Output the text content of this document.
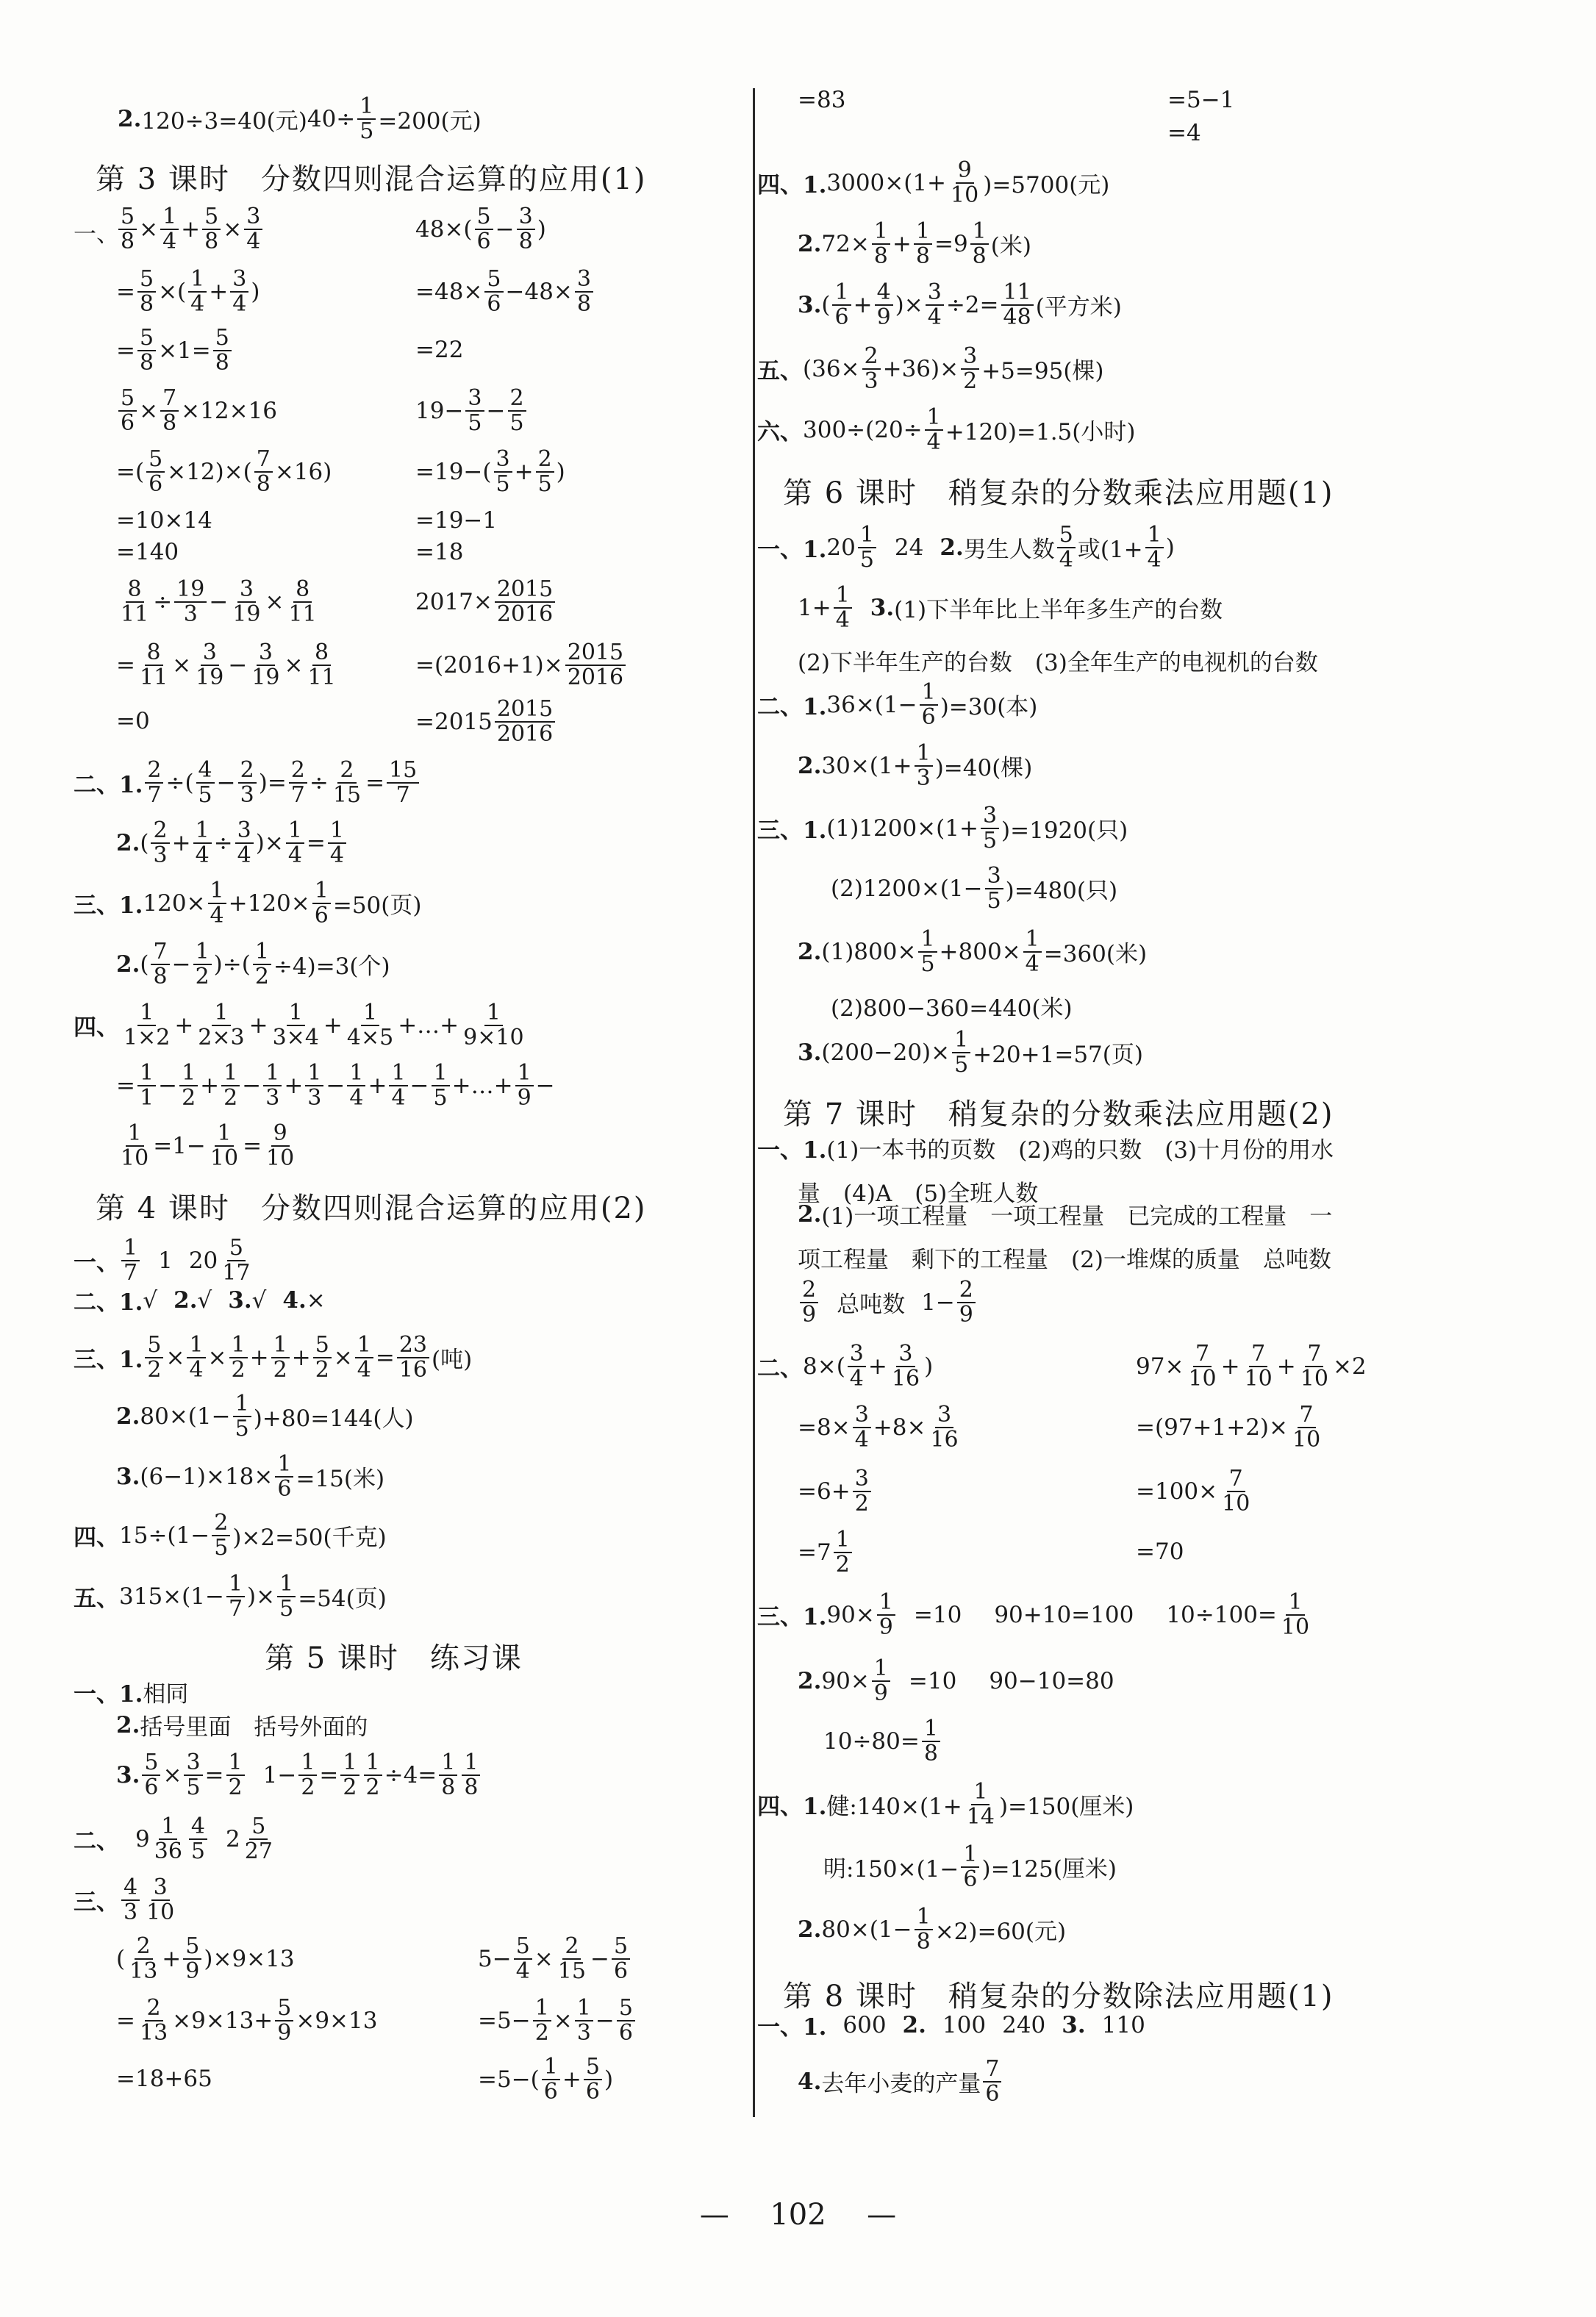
2. 120÷3=40(元) $40\div \frac{1}{5} =200$(元)
第 3 课时　分数四则混合运算的应用(1)
一、 $\frac{5}{8} \times \frac{1}{4} + \frac{5}{8} \times \frac{3}{4}$	$48\times( \frac{5}{6} - \frac{3}{8}$ )
= $\frac{5}{8}$ ×( $\frac{1}{4} + \frac{3}{4}$ )	$=48\times \frac{5}{6} -48\times \frac{3}{8}$
= $\frac{5}{8} \times 1= \frac{5}{8}$	=22
$\frac{5}{6} \times \frac{7}{8} \times 12\times 16$	$19- \frac{3}{5} - \frac{2}{5}$
=( $\frac{5}{6} \times 12)\times( \frac{7}{8} \times 16)$	$=19-( \frac{3}{5} + \frac{2}{5}$ )
=10×14	=19−1
=140	=18
$\frac{8}{11} \div \frac{19}{3} - \frac{3}{19} \times \frac{8}{11}$	$2017\times \frac{2015}{2016}$
= $\frac{8}{11} \times \frac{3}{19} - \frac{3}{19} \times \frac{8}{11}$	$=(2016+1)\times \frac{2015}{2016}$
=0	$=2015 \frac{2015}{2016}$
二、1. $\frac{2}{7}$ ÷( $\frac{4}{5} - \frac{2}{3}$ )= $\frac{2}{7} \div \frac{2}{15} = \frac{15}{7}$
2. ( $\frac{2}{3} + \frac{1}{4} \div \frac{3}{4}$ )× $\frac{1}{4} = \frac{1}{4}$
三、1. $120\times \frac{1}{4} +120\times \frac{1}{6} =50$(页)
2. ( $\frac{7}{8} - \frac{1}{2}$ )÷( $\frac{1}{2} \div 4)=3$(个)
四、 $\frac{1}{1\times 2} + \frac{1}{2\times 3} + \frac{1}{3\times 4} + \frac{1}{4\times 5}$ +…+ $\frac{1}{9\times 10}$
= $\frac{1}{1} - \frac{1}{2} + \frac{1}{2} - \frac{1}{3} + \frac{1}{3} - \frac{1}{4} + \frac{1}{4} - \frac{1}{5}$ +…+ $\frac{1}{9}$ −
$\frac{1}{10} =1- \frac{1}{10} = \frac{9}{10}$
第 4 课时　分数四则混合运算的应用(2)
一、 $\frac{1}{7} 1$ $20 \frac{5}{17}$
二、1. √ 2. √ 3. √ 4. ×
三、1. $\frac{5}{2} \times \frac{1}{4} \times \frac{1}{2} + \frac{1}{2} + \frac{5}{2} \times \frac{1}{4} = \frac{23}{16}$ (吨)
2. $80\times(1- \frac{1}{5} )+80=144$(人)
3. $(6-1)\times 18\times \frac{1}{6} =15$(米)
四、 $15\div(1- \frac{2}{5} )\times 2=50$(千克)
五、 $315\times(1- \frac{1}{7}$ )× $\frac{1}{5} =54$(页)
第 5 课时　练习课
一、1. 相同
2. 括号里面　括号外面的
3. $\frac{5}{6} \times \frac{3}{5} = \frac{1}{2} 1- \frac{1}{2} = \frac{1}{2} \frac{1}{2} \div 4= \frac{1}{8} \frac{1}{8}$
二、 $9 \frac{1}{36} \frac{4}{5} 2 \frac{5}{27}$
三、 $\frac{4}{3} \frac{3}{10}$
( $\frac{2}{13} + \frac{5}{9} )\times 9\times 13$	$5- \frac{5}{4} \times \frac{2}{15} - \frac{5}{6}$
= $\frac{2}{13} \times 9\times 13+ \frac{5}{9} \times 9\times 13$	$=5- \frac{1}{2} \times \frac{1}{3} - \frac{5}{6}$
=18+65	$=5-( \frac{1}{6} + \frac{5}{6}$ )
=83	=5−1
=4
四、1. $3000\times(1+ \frac{9}{10} )=5700$(元)
2. $72\times \frac{1}{8} + \frac{1}{8} =9 \frac{1}{8}$ (米)
3. ( $\frac{1}{6} + \frac{4}{9}$ )× $\frac{3}{4} \div 2= \frac{11}{48}$ (平方米)
五、 $(36\times \frac{2}{3} +36)\times \frac{3}{2} +5=95$(棵)
六、 $300\div(20\div \frac{1}{4} +120)=1.5$(小时)
第 6 课时　稍复杂的分数乘法应用题(1)
一、1. $20 \frac{1}{5} 24$ 2. 男生人数 $\frac{5}{4}$ 或($1+ \frac{1}{4}$ )
$1+ \frac{1}{4} 3$. (1)下半年比上半年多生产的台数
(2)下半年生产的台数　(3)全年生产的电视机的台数
二、1. $36\times(1- \frac{1}{6} )=30$(本)
2. $30\times(1+ \frac{1}{3} )=40$(棵)
三、1. $(1)1200\times(1+ \frac{3}{5} )=1920$(只)
$(2)1200\times(1- \frac{3}{5} )=480$(只)
2. $(1)800\times \frac{1}{5} +800\times \frac{1}{4} =360$(米)
(2)800−360=440(米)
3. $(200-20)\times \frac{1}{5} +20+1=57$(页)
第 7 课时　稍复杂的分数乘法应用题(2)
一、1. (1)一本书的页数　(2)鸡的只数　(3)十月份的用水
量　(4)A　(5)全班人数
2. (1)一项工程量　一项工程量　已完成的工程量　一
项工程量　剩下的工程量　(2)一堆煤的质量　总吨数
$\frac{2}{9}$ 总吨数 $1- \frac{2}{9}$
二、 $8\times( \frac{3}{4} + \frac{3}{16}$ )	$97\times \frac{7}{10} + \frac{7}{10} + \frac{7}{10} \times 2$
$=8\times \frac{3}{4} +8\times \frac{3}{16}$	$=(97+1+2)\times \frac{7}{10}$
$=6+ \frac{3}{2}$	$=100\times \frac{7}{10}$
$=7 \frac{1}{2}$	=70
三、1. $90\times \frac{1}{9} =10$ 90+10=100 $10\div 100= \frac{1}{10}$
2. $90\times \frac{1}{9} =10$ 90−10=80
$10\div 80= \frac{1}{8}$
四、1. 健:140×(1+ $\frac{1}{14} )=150$(厘米)
明:150×(1− $\frac{1}{6} )=125$(厘米)
2. $80\times(1- \frac{1}{8} \times 2)=60$(元)
第 8 课时　稍复杂的分数除法应用题(1)
一、1. 600 2. 100 240 3. 110
4. 去年小麦的产量 $\frac{7}{6}$
— 102 —
